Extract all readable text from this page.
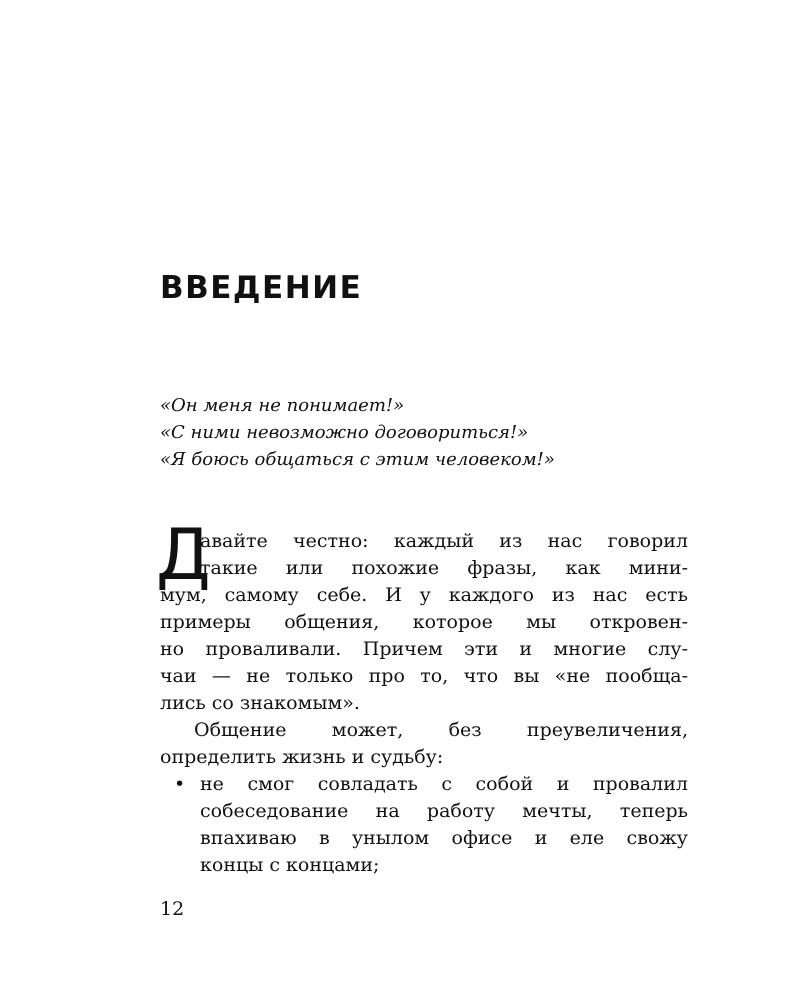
ВВЕДЕНИЕ
«Он меня не понимает!»
«С ними невозможно договориться!»
«Я боюсь общаться с этим человеком!»
Д
авайте честно: каждый из нас говорил
такие или похожие фразы, как мини-
мум, самому себе. И у каждого из нас есть
примеры общения, которое мы откровен-
но проваливали. Причем эти и многие слу-
чаи — не только про то, что вы «не пообща-
лись со знакомым».
Общение может, без преувеличения,
определить жизнь и судьбу:
• не смог совладать с собой и провалил
собеседование на работу мечты, теперь
впахиваю в унылом офисе и еле свожу
концы с концами;
12
